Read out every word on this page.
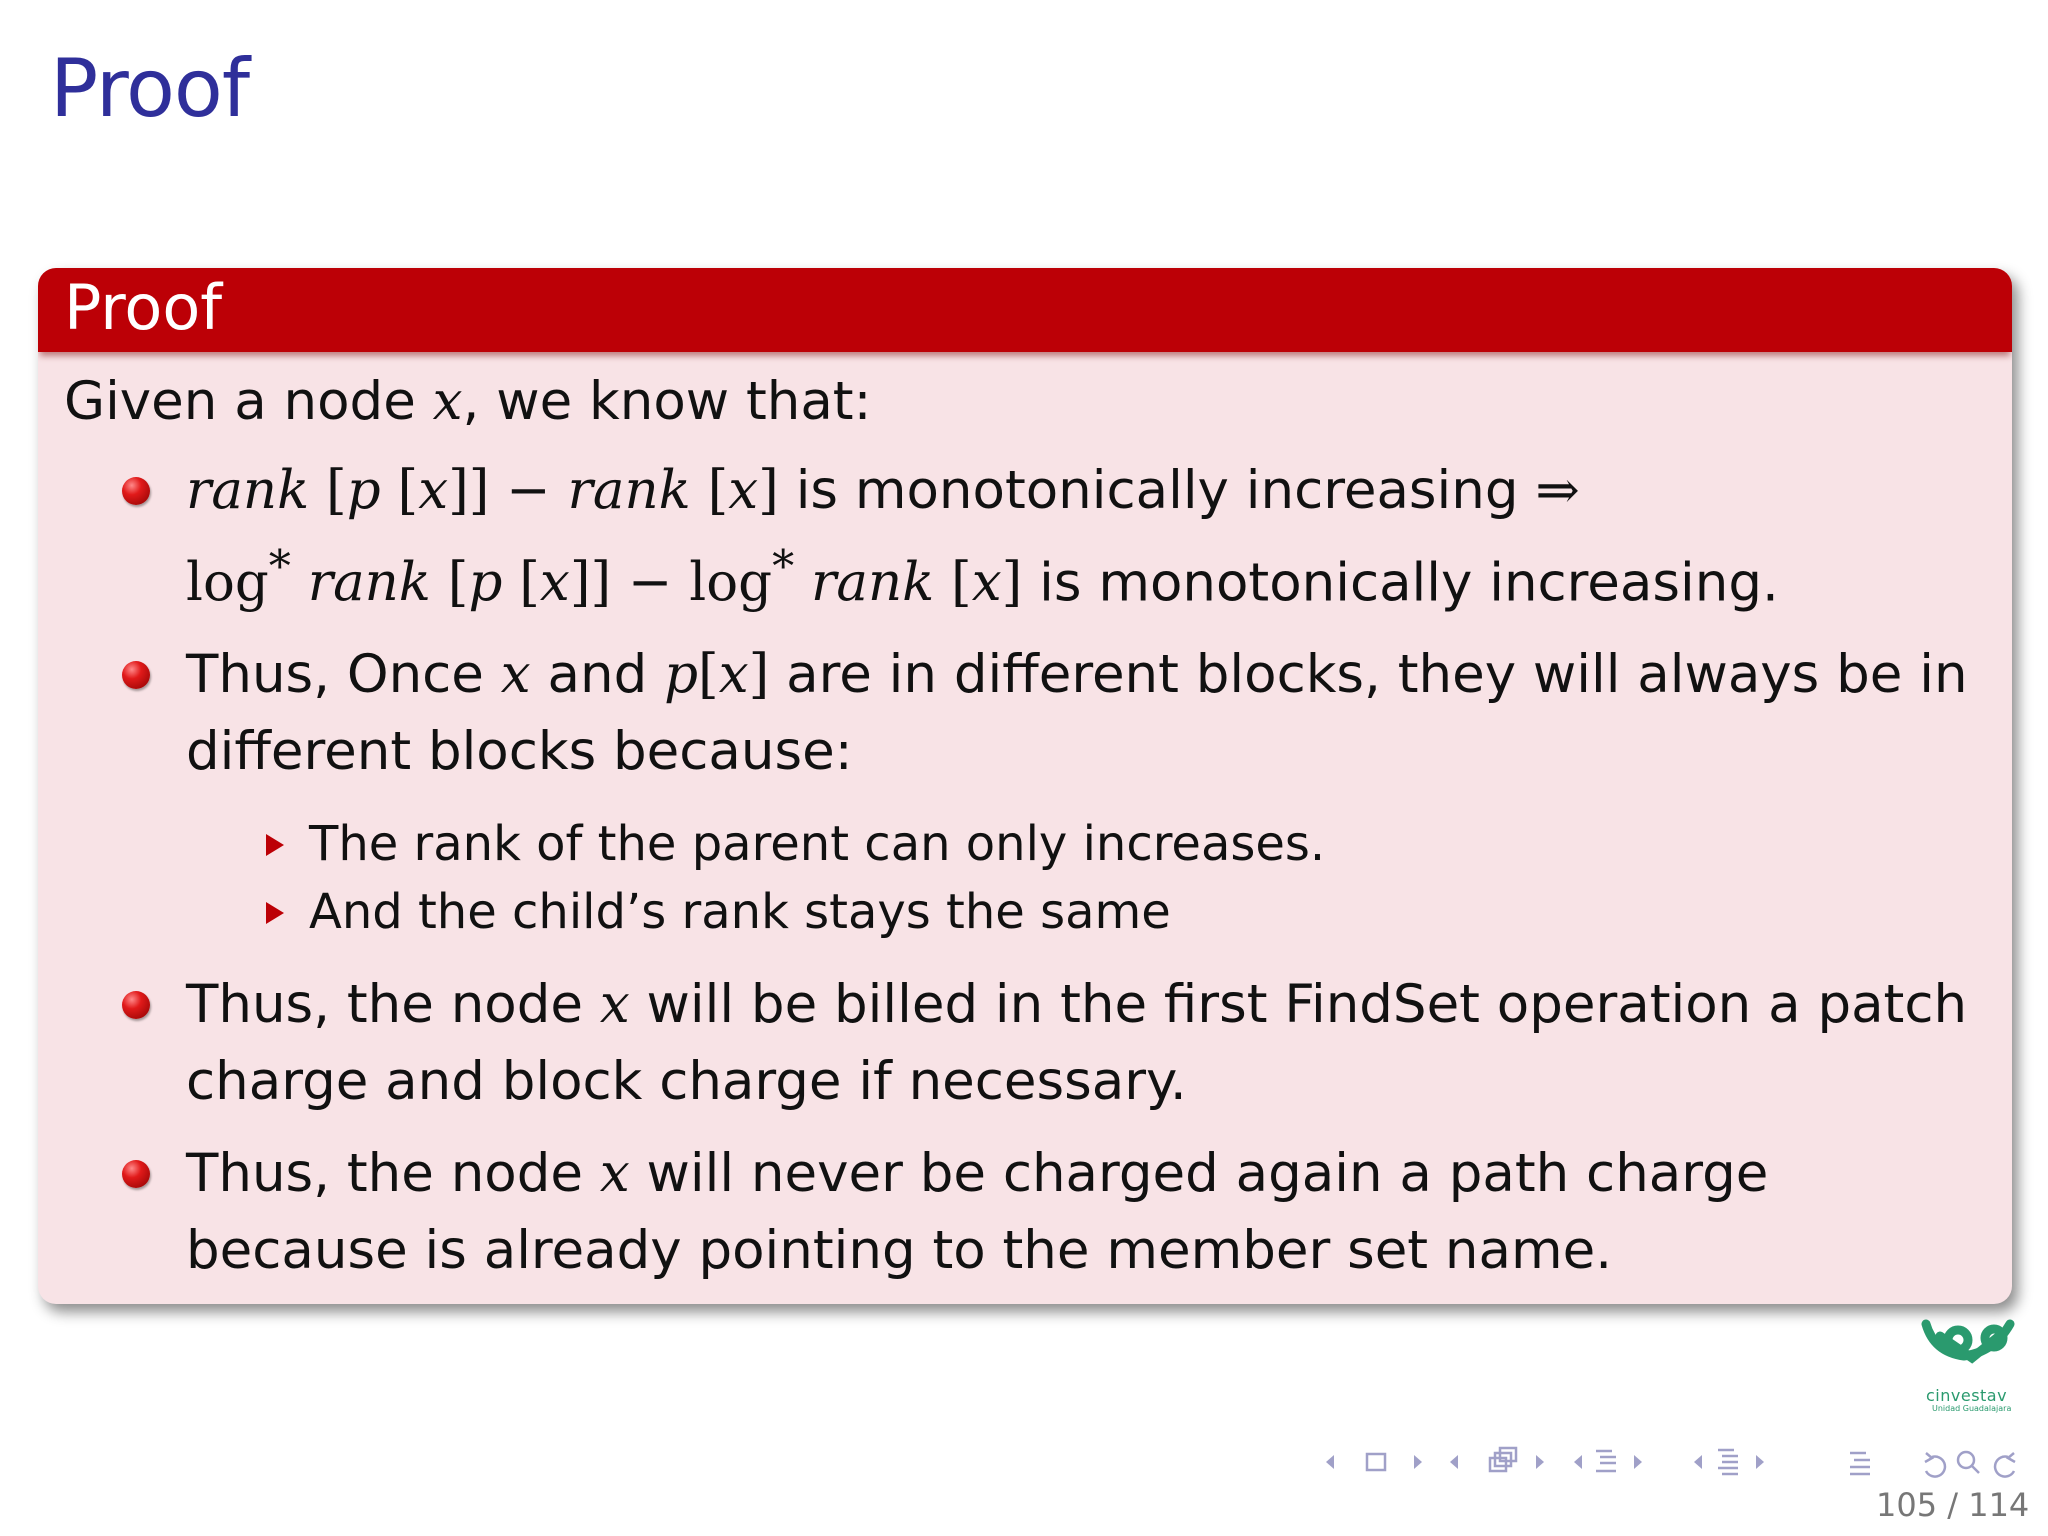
Proof
Proof
Given a node x, we know that:
rank [p [x]] − rank [x] is monotonically increasing ⇒
log* rank [p [x]] − log* rank [x] is monotonically increasing.
Thus, Once x and p[x] are in different blocks, they will always be in different blocks because:
The rank of the parent can only increases.
And the child’s rank stays the same
Thus, the node x will be billed in the first FindSet operation a patch charge and block charge if necessary.
Thus, the node x will never be charged again a path charge because is already pointing to the member set name.
cinvestav
Unidad Guadalajara
105 / 114
